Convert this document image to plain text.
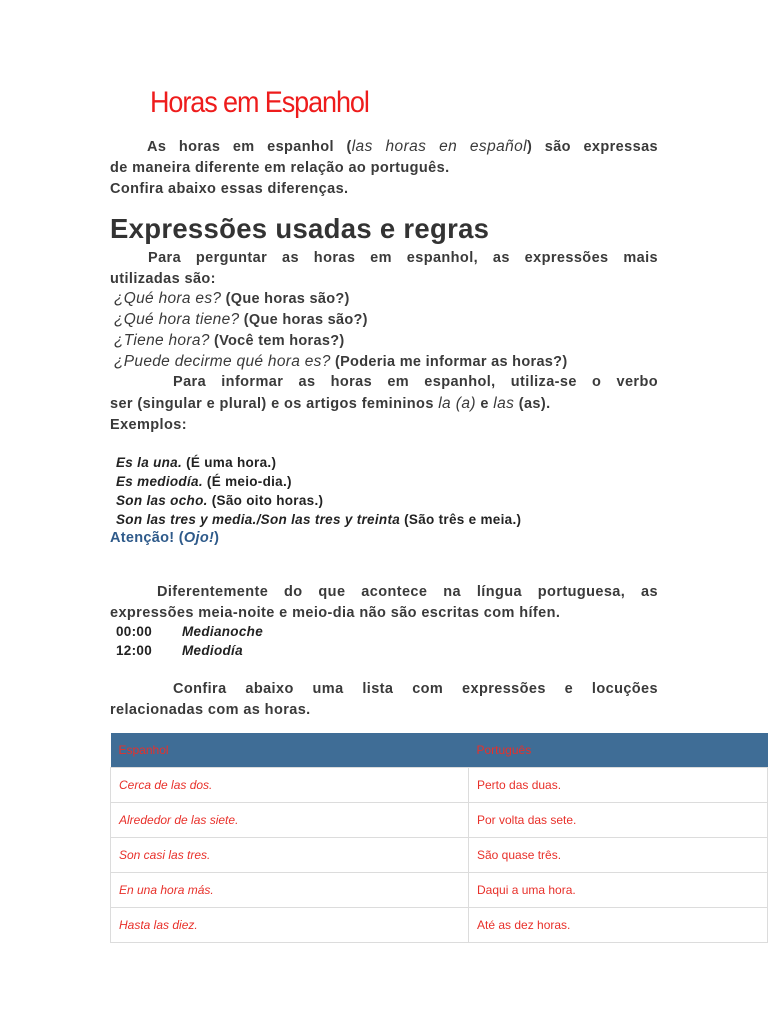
Horas em Espanhol
As horas em espanhol (las horas en español) são expressas
de maneira diferente em relação ao português.
Confira abaixo essas diferenças.
Expressões usadas e regras
Para perguntar as horas em espanhol, as expressões mais
utilizadas são:
¿Qué hora es? (Que horas são?)
¿Qué hora tiene? (Que horas são?)
¿Tiene hora? (Você tem horas?)
¿Puede decirme qué hora es? (Poderia me informar as horas?)
Para informar as horas em espanhol, utiliza-se o verbo
ser (singular e plural) e os artigos femininos la (a) e las (as).
Exemplos:
Es la una. (É uma hora.)
Es mediodía. (É meio-dia.)
Son las ocho. (São oito horas.)
Son las tres y media./Son las tres y treinta (São três e meia.)
Atenção! (Ojo!)
Diferentemente do que acontece na língua portuguesa, as
expressões meia-noite e meio-dia não são escritas com hífen.
00:00 Medianoche
12:00 Mediodía
Confira abaixo uma lista com expressões e locuções
relacionadas com as horas.
Espanhol	Português
Cerca de las dos.	Perto das duas.
Alrededor de las siete.	Por volta das sete.
Son casi las tres.	São quase três.
En una hora más.	Daqui a uma hora.
Hasta las diez.	Até as dez horas.
